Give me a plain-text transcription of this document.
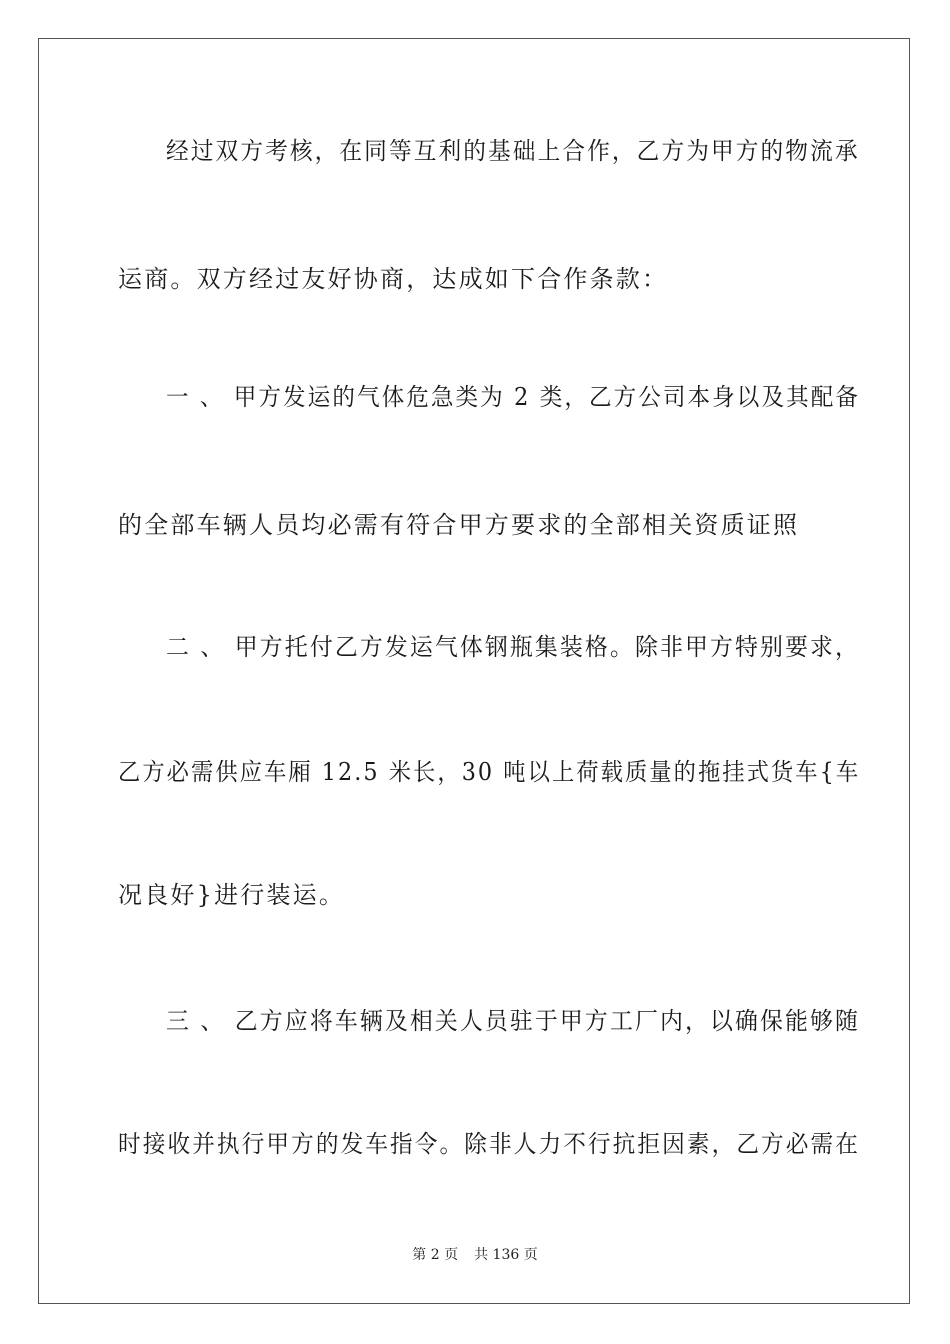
经过双方考核，在同等互利的基础上合作，乙方为甲方的物流承
运商。双方经过友好协商，达成如下合作条款：
一 、 甲方发运的气体危急类为 2 类，乙方公司本身以及其配备
的全部车辆人员均必需有符合甲方要求的全部相关资质证照
二 、 甲方托付乙方发运气体钢瓶集装格。除非甲方特别要求，
乙方必需供应车厢 12.5 米长，30 吨以上荷载质量的拖挂式货车{车
况良好}进行装运。
三 、 乙方应将车辆及相关人员驻于甲方工厂内，以确保能够随
时接收并执行甲方的发车指令。除非人力不行抗拒因素，乙方必需在
第 2 页 共 136 页
